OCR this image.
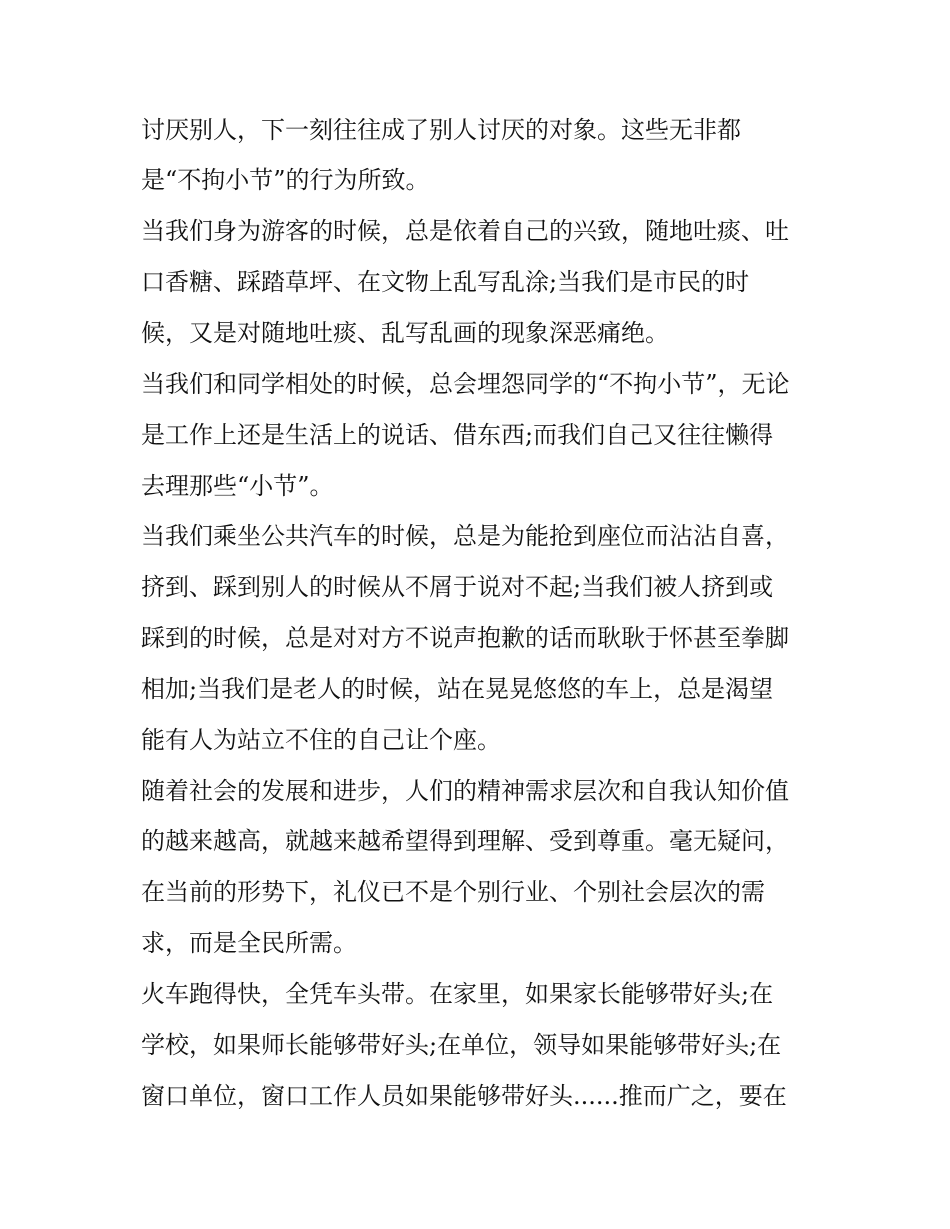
讨厌别人，下一刻往往成了别人讨厌的对象。这些无非都
是“不拘小节”的行为所致。
当我们身为游客的时候，总是依着自己的兴致，随地吐痰、吐
口香糖、踩踏草坪、在文物上乱写乱涂;当我们是市民的时
候，又是对随地吐痰、乱写乱画的现象深恶痛绝。
当我们和同学相处的时候，总会埋怨同学的“不拘小节”，无论
是工作上还是生活上的说话、借东西;而我们自己又往往懒得
去理那些“小节”。
当我们乘坐公共汽车的时候，总是为能抢到座位而沾沾自喜，
挤到、踩到别人的时候从不屑于说对不起;当我们被人挤到或
踩到的时候，总是对对方不说声抱歉的话而耿耿于怀甚至拳脚
相加;当我们是老人的时候，站在晃晃悠悠的车上，总是渴望
能有人为站立不住的自己让个座。
随着社会的发展和进步，人们的精神需求层次和自我认知价值
的越来越高，就越来越希望得到理解、受到尊重。毫无疑问，
在当前的形势下，礼仪已不是个别行业、个别社会层次的需
求，而是全民所需。
火车跑得快，全凭车头带。在家里，如果家长能够带好头;在
学校，如果师长能够带好头;在单位，领导如果能够带好头;在
窗口单位，窗口工作人员如果能够带好头......推而广之，要在
